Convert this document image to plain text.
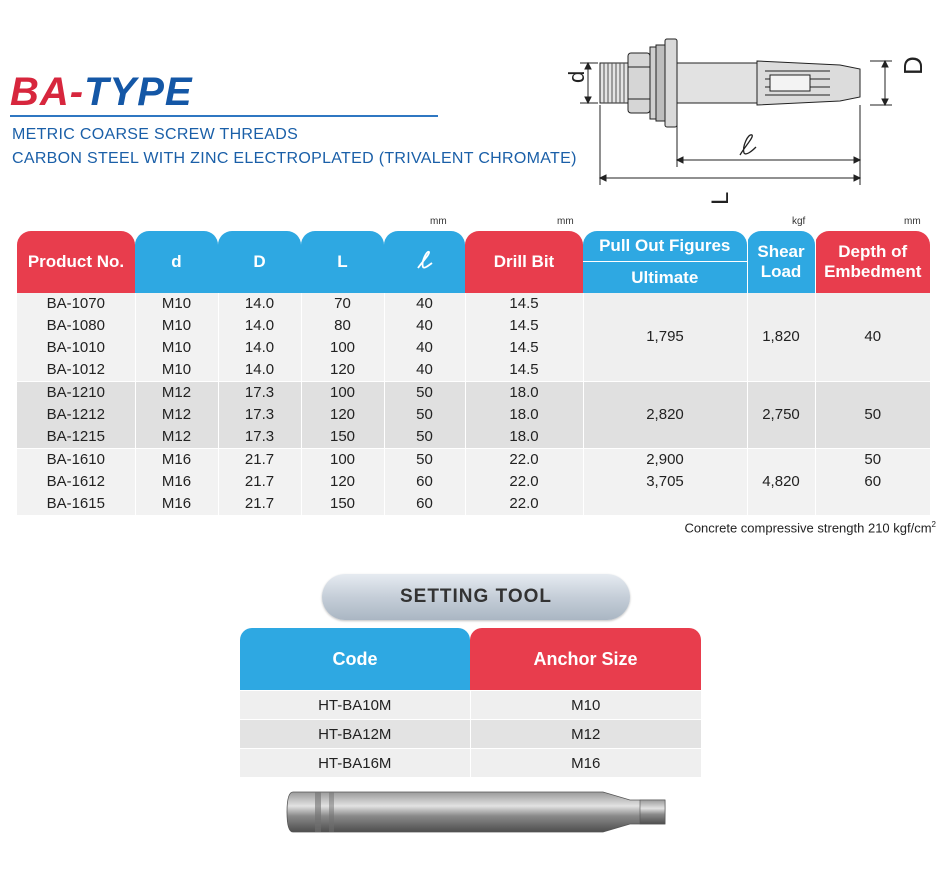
BA-TYPE
METRIC COARSE SCREW THREADS
CARBON STEEL WITH ZINC ELECTROPLATED (TRIVALENT CHROMATE)
d
D
L
mm	mm	kgf	mm
Product No.	d	D	L		Drill Bit	Pull Out Figures	Shear Load	Depth of Embedment
						Ultimate		
BA-1070	M10	14.0	70	40	14.5	1,795	1,820	40
BA-1080	M10	14.0	80	40	14.5			
BA-1010	M10	14.0	100	40	14.5			
BA-1012	M10	14.0	120	40	14.5			
BA-1210	M12	17.3	100	50	18.0	2,820	2,750	50
BA-1212	M12	17.3	120	50	18.0			
BA-1215	M12	17.3	150	50	18.0			
BA-1610	M16	21.7	100	50	22.0	2,900	4,820	50
BA-1612	M16	21.7	120	60	22.0	3,705		60
BA-1615	M16	21.7	150	60	22.0			
Concrete compressive strength 210 kgf/$cm^2$
SETTING TOOL
Code	Anchor Size
HT-BA10M	M10
HT-BA12M	M12
HT-BA16M	M16
